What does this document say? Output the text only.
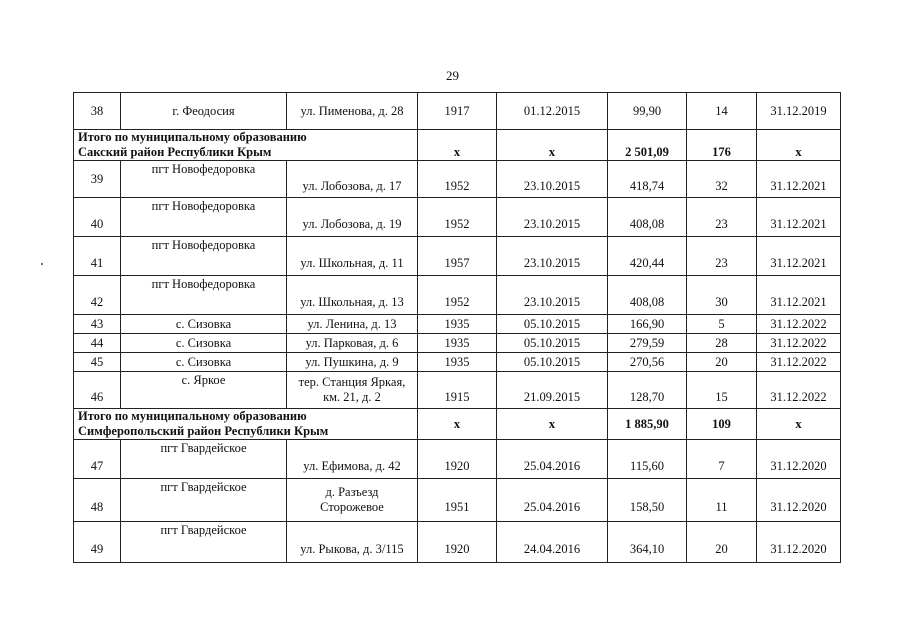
29
38	г. Феодосия	ул. Пименова, д. 28	1917	01.12.2015	99,90	14	31.12.2019

Итого по муниципальному образованию
Сакский район Республики Крым			x	x	2 501,09	176	x
39	пгт Новофедоровка	ул. Лобозова, д. 17	1952	23.10.2015	418,74	32	31.12.2021
40	пгт Новофедоровка	ул. Лобозова, д. 19	1952	23.10.2015	408,08	23	31.12.2021
41	пгт Новофедоровка	ул. Школьная, д. 11	1957	23.10.2015	420,44	23	31.12.2021
42	пгт Новофедоровка	ул. Школьная, д. 13	1952	23.10.2015	408,08	30	31.12.2021
43	с. Сизовка	ул. Ленина, д. 13	1935	05.10.2015	166,90	5	31.12.2022
44	с. Сизовка	ул. Парковая, д. 6	1935	05.10.2015	279,59	28	31.12.2022
45	с. Сизовка	ул. Пушкина, д. 9	1935	05.10.2015	270,56	20	31.12.2022
46	с. Яркое	тер. Станция Яркая,
км. 21, д. 2	1915	21.09.2015	128,70	15	31.12.2022

Итого по муниципальному образованию
Симферопольский район Республики Крым			x	x	1 885,90	109	x
47	пгт Гвардейское	ул. Ефимова, д. 42	1920	25.04.2016	115,60	7	31.12.2020
48	пгт Гвардейское	д. Разъезд
Сторожевое	1951	25.04.2016	158,50	11	31.12.2020
49	пгт Гвардейское	ул. Рыкова, д. 3/115	1920	24.04.2016	364,10	20	31.12.2020
